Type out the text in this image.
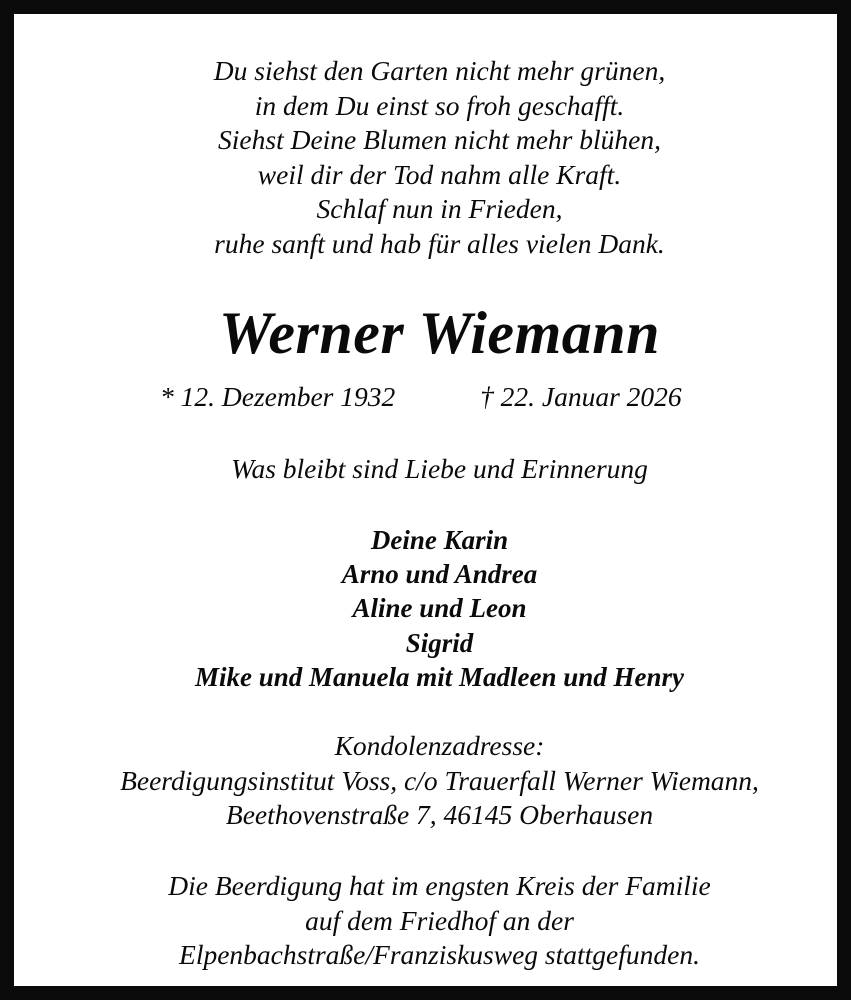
Du siehst den Garten nicht mehr grünen,
in dem Du einst so froh geschafft.
Siehst Deine Blumen nicht mehr blühen,
weil dir der Tod nahm alle Kraft.
Schlaf nun in Frieden,
ruhe sanft und hab für alles vielen Dank.
Werner Wiemann
* 12. Dezember 1932	† 22. Januar 2026
Was bleibt sind Liebe und Erinnerung
Deine Karin
Arno und Andrea
Aline und Leon
Sigrid
Mike und Manuela mit Madleen und Henry
Kondolenzadresse:
Beerdigungsinstitut Voss, c/o Trauerfall Werner Wiemann,
Beethovenstraße 7, 46145 Oberhausen
Die Beerdigung hat im engsten Kreis der Familie
auf dem Friedhof an der
Elpenbachstraße/Franziskusweg stattgefunden.
